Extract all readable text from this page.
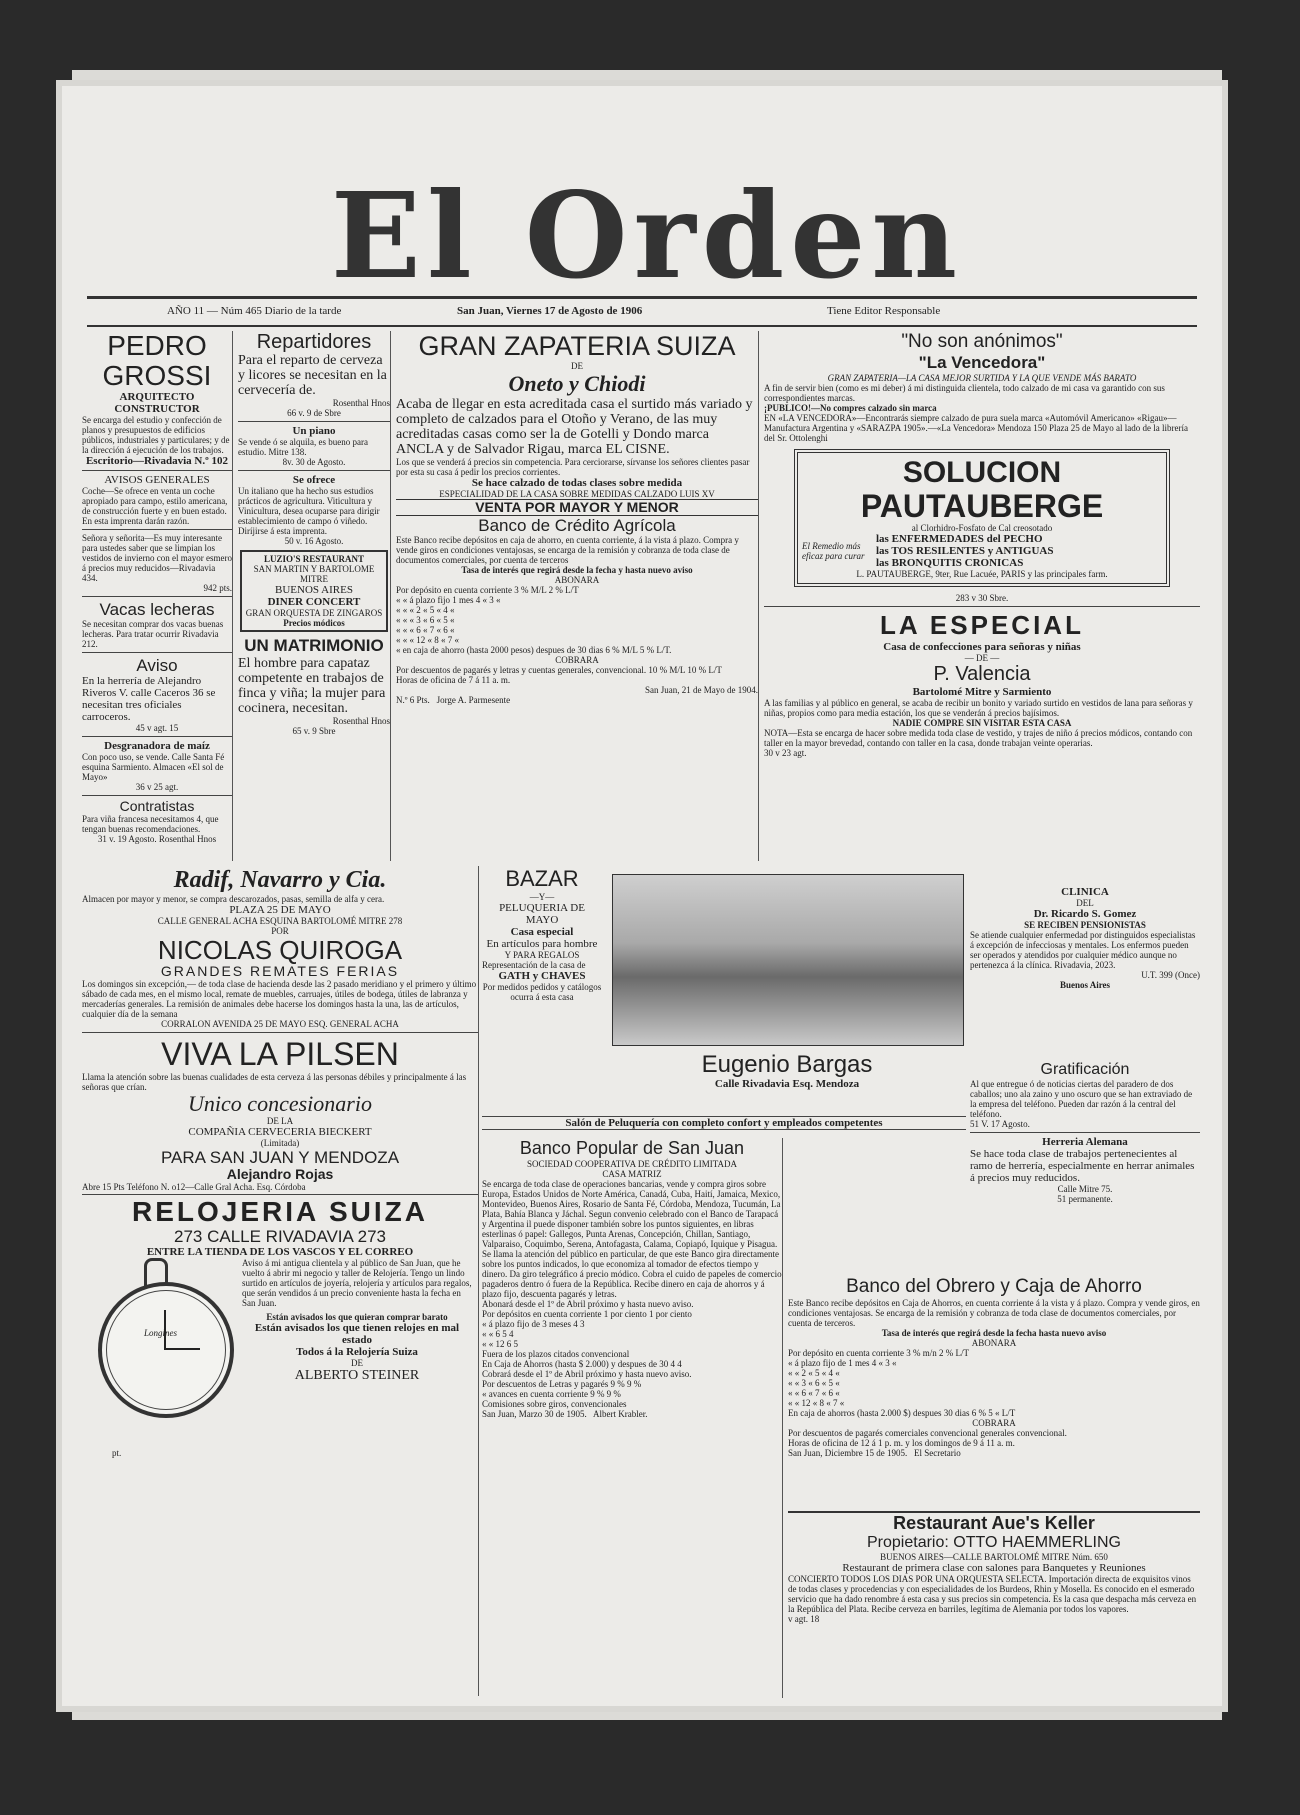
El Orden
AÑO 11 — Núm 465 Diario de la tarde	San Juan, Viernes 17 de Agosto de 1906	Tiene Editor Responsable

PEDRO GROSSI

ARQUITECTO CONSTRUCTOR

Se encarga del estudio y confección de planos y presupuestos de edificios públicos, industriales y particulares; y de la dirección á ejecución de los trabajos.

Escritorio—Rivadavia N.º 102

AVISOS GENERALES

Coche—Se ofrece en venta un coche apropiado para campo, estilo americana, de construcción fuerte y en buen estado. En esta imprenta darán razón.

Señora y señorita—Es muy interesante para ustedes saber que se limpian los vestidos de invierno con el mayor esmero á precios muy reducidos—Rivadavia 434.

942 pts.

Vacas lecheras

Se necesitan comprar dos vacas buenas lecheras. Para tratar ocurrir Rivadavia 212.

Aviso

En la herrería de Alejandro Riveros V. calle Caceros 36 se necesitan tres oficiales carroceros.

45 v agt. 15

Desgranadora de maíz

Con poco uso, se vende. Calle Santa Fé esquina Sarmiento. Almacen «El sol de Mayo»

36 v 25 agt.

Contratistas

Para viña francesa necesitamos 4, que tengan buenas recomendaciones.

31 v. 19 Agosto. Rosenthal Hnos

Repartidores

Para el reparto de cerveza y licores se necesitan en la cervecería de.

Rosenthal Hnos

66 v. 9 de Sbre

Un piano

Se vende ó se alquila, es bueno para estudio. Mitre 138.

8v. 30 de Agosto.

Se ofrece

Un italiano que ha hecho sus estudios prácticos de agricultura. Viticultura y Vinicultura, desea ocuparse para dirigir establecimiento de campo ó viñedo. Diríjirse á esta imprenta.

50 v. 16 Agosto.

LUZIO'S RESTAURANT

SAN MARTIN Y BARTOLOME MITRE

BUENOS AIRES

DINER CONCERT

GRAN ORQUESTA DE ZINGAROS

Precios módicos

UN MATRIMONIO

El hombre para capataz competente en trabajos de finca y viña; la mujer para cocinera, necesitan.

Rosenthal Hnos

65 v. 9 Sbre

GRAN ZAPATERIA SUIZA

DE

Oneto y Chiodi

Acaba de llegar en esta acreditada casa el surtido más variado y completo de calzados para el Otoño y Verano, de las muy acreditadas casas como ser la de Gotelli y Dondo marca ANCLA y de Salvador Rigau, marca EL CISNE.

Los que se venderá á precios sin competencia. Para cerciorarse, sírvanse los señores clientes pasar por esta su casa á pedir los precios corrientes.

Se hace calzado de todas clases sobre medida

ESPECIALIDAD DE LA CASA SOBRE MEDIDAS CALZADO LUIS XV

VENTA POR MAYOR Y MENOR

Banco de Crédito Agrícola

Este Banco recibe depósitos en caja de ahorro, en cuenta corriente, á la vista á plazo. Compra y vende giros en condiciones ventajosas, se encarga de la remisión y cobranza de toda clase de documentos comerciales, por cuenta de terceros

Tasa de interés que regirá desde la fecha y hasta nuevo aviso

ABONARA

Por depósito en cuenta corriente 3 % M/L 2 % L/T

« « á plazo fijo 1 mes 4 « 3 «

« « « 2 « 5 « 4 «

« « « 3 « 6 « 5 «

« « « 6 « 7 « 6 «

« « « 12 « 8 « 7 «

« en caja de ahorro (hasta 2000 pesos) despues de 30 dias 6 % M/L 5 % L/T.

COBRARA

Por descuentos de pagarés y letras y cuentas generales, convencional. 10 % M/L 10 % L/T

Horas de oficina de 7 á 11 a. m.

San Juan, 21 de Mayo de 1904.

N.º 6 Pts. Jorge A. Parmesente

"No son anónimos"

"La Vencedora"

GRAN ZAPATERIA—LA CASA MEJOR SURTIDA Y LA QUE VENDE MÁS BARATO

A fin de servir bien (como es mi deber) á mi distinguida clientela, todo calzado de mi casa va garantido con sus correspondientes marcas.

¡PUBLICO!—No compres calzado sin marca

EN «LA VENCEDORA»—Encontrarás siempre calzado de pura suela marca «Automóvil Americano» «Rigau»—Manufactura Argentina y «SARAZPA 1905».—«La Vencedora» Mendoza 150 Plaza 25 de Mayo al lado de la librería del Sr. Ottolenghi

SOLUCION

PAUTAUBERGE

al Clorhidro-Fosfato de Cal creosotado

El Remedio más eficaz para curar

las ENFERMEDADES del PECHO

las TOS RESILENTES y ANTIGUAS

las BRONQUITIS CRONICAS

L. PAUTAUBERGE, 9ter, Rue Lacuée, PARIS y las principales farm.

283 v 30 Sbre.

LA ESPECIAL

Casa de confecciones para señoras y niñas

— DE —

P. Valencia

Bartolomé Mitre y Sarmiento

A las familias y al público en general, se acaba de recibir un bonito y variado surtido en vestidos de lana para señoras y niñas, propios como para media estación, los que se venderán á precios bajísimos.

NADIE COMPRE SIN VISITAR ESTA CASA

NOTA—Esta se encarga de hacer sobre medida toda clase de vestido, y trajes de niño á precios módicos, contando con taller en la mayor brevedad, contando con taller en la casa, donde trabajan veinte operarias.

30 v 23 agt.

CLINICA

DEL

Dr. Ricardo S. Gomez

SE RECIBEN PENSIONISTAS

Se atiende cualquier enfermedad por distinguidos especialistas á excepción de infecciosas y mentales. Los enfermos pueden ser operados y atendidos por cualquier médico aunque no pertenezca á la clínica. Rivadavia, 2023.

U.T. 399 (Once)

Buenos Aires

Gratificación

Al que entregue ó de noticias ciertas del paradero de dos caballos; uno ala zaino y uno oscuro que se han extraviado de la empresa del teléfono. Pueden dar razón á la central del teléfono.

51 V. 17 Agosto.

Herreria Alemana

Se hace toda clase de trabajos pertenecientes al ramo de herrería, especialmente en herrar animales á precios muy reducidos.

Calle Mitre 75.

51 permanente.

Radif, Navarro y Cia.

Almacen por mayor y menor, se compra descarozados, pasas, semilla de alfa y cera.

PLAZA 25 DE MAYO

CALLE GENERAL ACHA ESQUINA BARTOLOMÉ MITRE 278

POR

NICOLAS QUIROGA

GRANDES REMATES FERIAS

Los domingos sin excepción,— de toda clase de hacienda desde las 2 pasado meridiano y el primero y último sábado de cada mes, en el mismo local, remate de muebles, carruajes, útiles de bodega, útiles de labranza y mercaderías generales. La remisión de animales debe hacerse los domingos hasta la una, las de artículos, cualquier día de la semana

CORRALON AVENIDA 25 DE MAYO ESQ. GENERAL ACHA

VIVA LA PILSEN

Llama la atención sobre las buenas cualidades de esta cerveza á las personas débiles y principalmente á las señoras que crían.

Unico concesionario

DE LA

COMPAÑIA CERVECERIA BIECKERT

(Limitada)

PARA SAN JUAN Y MENDOZA

Alejandro Rojas

Abre 15 Pts Teléfono N. o12—Calle Gral Acha. Esq. Córdoba

RELOJERIA SUIZA

273 CALLE RIVADAVIA 273

ENTRE LA TIENDA DE LOS VASCOS Y EL CORREO

Longines

Aviso á mi antigua clientela y al público de San Juan, que he vuelto á abrir mi negocio y taller de Relojería. Tengo un lindo surtido en artículos de joyería, relojería y artículos para regalos, que serán vendidos á un precio conveniente hasta la fecha en San Juan.

Están avisados los que quieran comprar barato

Están avisados los que tienen relojes en mal estado

Todos á la Relojería Suiza

DE

ALBERTO STEINER

pt.

BAZAR

—Y—

PELUQUERIA DE MAYO

Casa especial

En artículos para hombre

Y PARA REGALOS

Representación de la casa de

GATH y CHAVES

Por medidos pedidos y catálogos ocurra á esta casa

Eugenio Bargas

Calle Rivadavia Esq. Mendoza

Salón de Peluquería con completo confort y empleados competentes

Banco Popular de San Juan

SOCIEDAD COOPERATIVA DE CRÉDITO LIMITADA

CASA MATRIZ

Se encarga de toda clase de operaciones bancarias, vende y compra giros sobre Europa, Estados Unidos de Norte América, Canadá, Cuba, Haití, Jamaica, Mexico, Montevideo, Buenos Aires, Rosario de Santa Fé, Córdoba, Mendoza, Tucumán, La Plata, Bahía Blanca y Jáchal. Segun convenio celebrado con el Banco de Tarapacá y Argentina il puede disponer también sobre los puntos siguientes, en libras esterlinas ó papel: Gallegos, Punta Arenas, Concepción, Chillan, Santiago, Valparaiso, Coquimbo, Serena, Antofagasta, Calama, Copiapó, Iquique y Pisagua. Se llama la atención del público en particular, de que este Banco gira directamente sobre los puntos indicados, lo que economiza al tomador de efectos tiempo y dinero. Da giro telegráfico á precio módico. Cobra el cuido de papeles de comercio pagaderos dentro ó fuera de la República. Recibe dinero en caja de ahorros y á plazo fijo, descuenta pagarés y letras.

Abonará desde el 1º de Abril próximo y hasta nuevo aviso.

Por depósitos en cuenta corriente 1 por ciento 1 por ciento

« á plazo fijo de 3 meses 4 3

« « 6 5 4

« « 12 6 5

Fuera de los plazos citados convencional

En Caja de Ahorros (hasta $ 2.000) y despues de 30 4 4

Cobrará desde el 1º de Abril próximo y hasta nuevo aviso.

Por descuentos de Letras y pagarés 9 % 9 %

« avances en cuenta corriente 9 % 9 %

Comisiones sobre giros, convencionales

San Juan, Marzo 30 de 1905. Albert Krabler.

Banco del Obrero y Caja de Ahorro

Este Banco recibe depósitos en Caja de Ahorros, en cuenta corriente á la vista y á plazo. Compra y vende giros, en condiciones ventajosas. Se encarga de la remisión y cobranza de toda clase de documentos comerciales, por cuenta de terceros.

Tasa de interés que regirá desde la fecha hasta nuevo aviso

ABONARA

Por depósito en cuenta corriente 3 % m/n 2 % L/T

« á plazo fijo de 1 mes 4 « 3 «

« « 2 « 5 « 4 «

« « 3 « 6 « 5 «

« « 6 « 7 « 6 «

« « 12 « 8 « 7 «

En caja de ahorros (hasta 2.000 $) despues 30 dias 6 % 5 « L/T

COBRARA

Por descuentos de pagarés comerciales convencional generales convencional.

Horas de oficina de 12 á 1 p. m. y los domingos de 9 á 11 a. m.

San Juan, Diciembre 15 de 1905. El Secretario

Restaurant Aue's Keller

Propietario: OTTO HAEMMERLING

BUENOS AIRES—CALLE BARTOLOMÉ MITRE Núm. 650

Restaurant de primera clase con salones para Banquetes y Reuniones

CONCIERTO TODOS LOS DIAS POR UNA ORQUESTA SELECTA. Importación directa de exquisitos vinos de todas clases y procedencias y con especialidades de los Burdeos, Rhin y Mosella. Es conocido en el esmerado servicio que ha dado renombre á esta casa y sus precios sin competencia. Es la casa que despacha más cerveza en la República del Plata. Recibe cerveza en barriles, legítima de Alemania por todos los vapores.

v agt. 18
